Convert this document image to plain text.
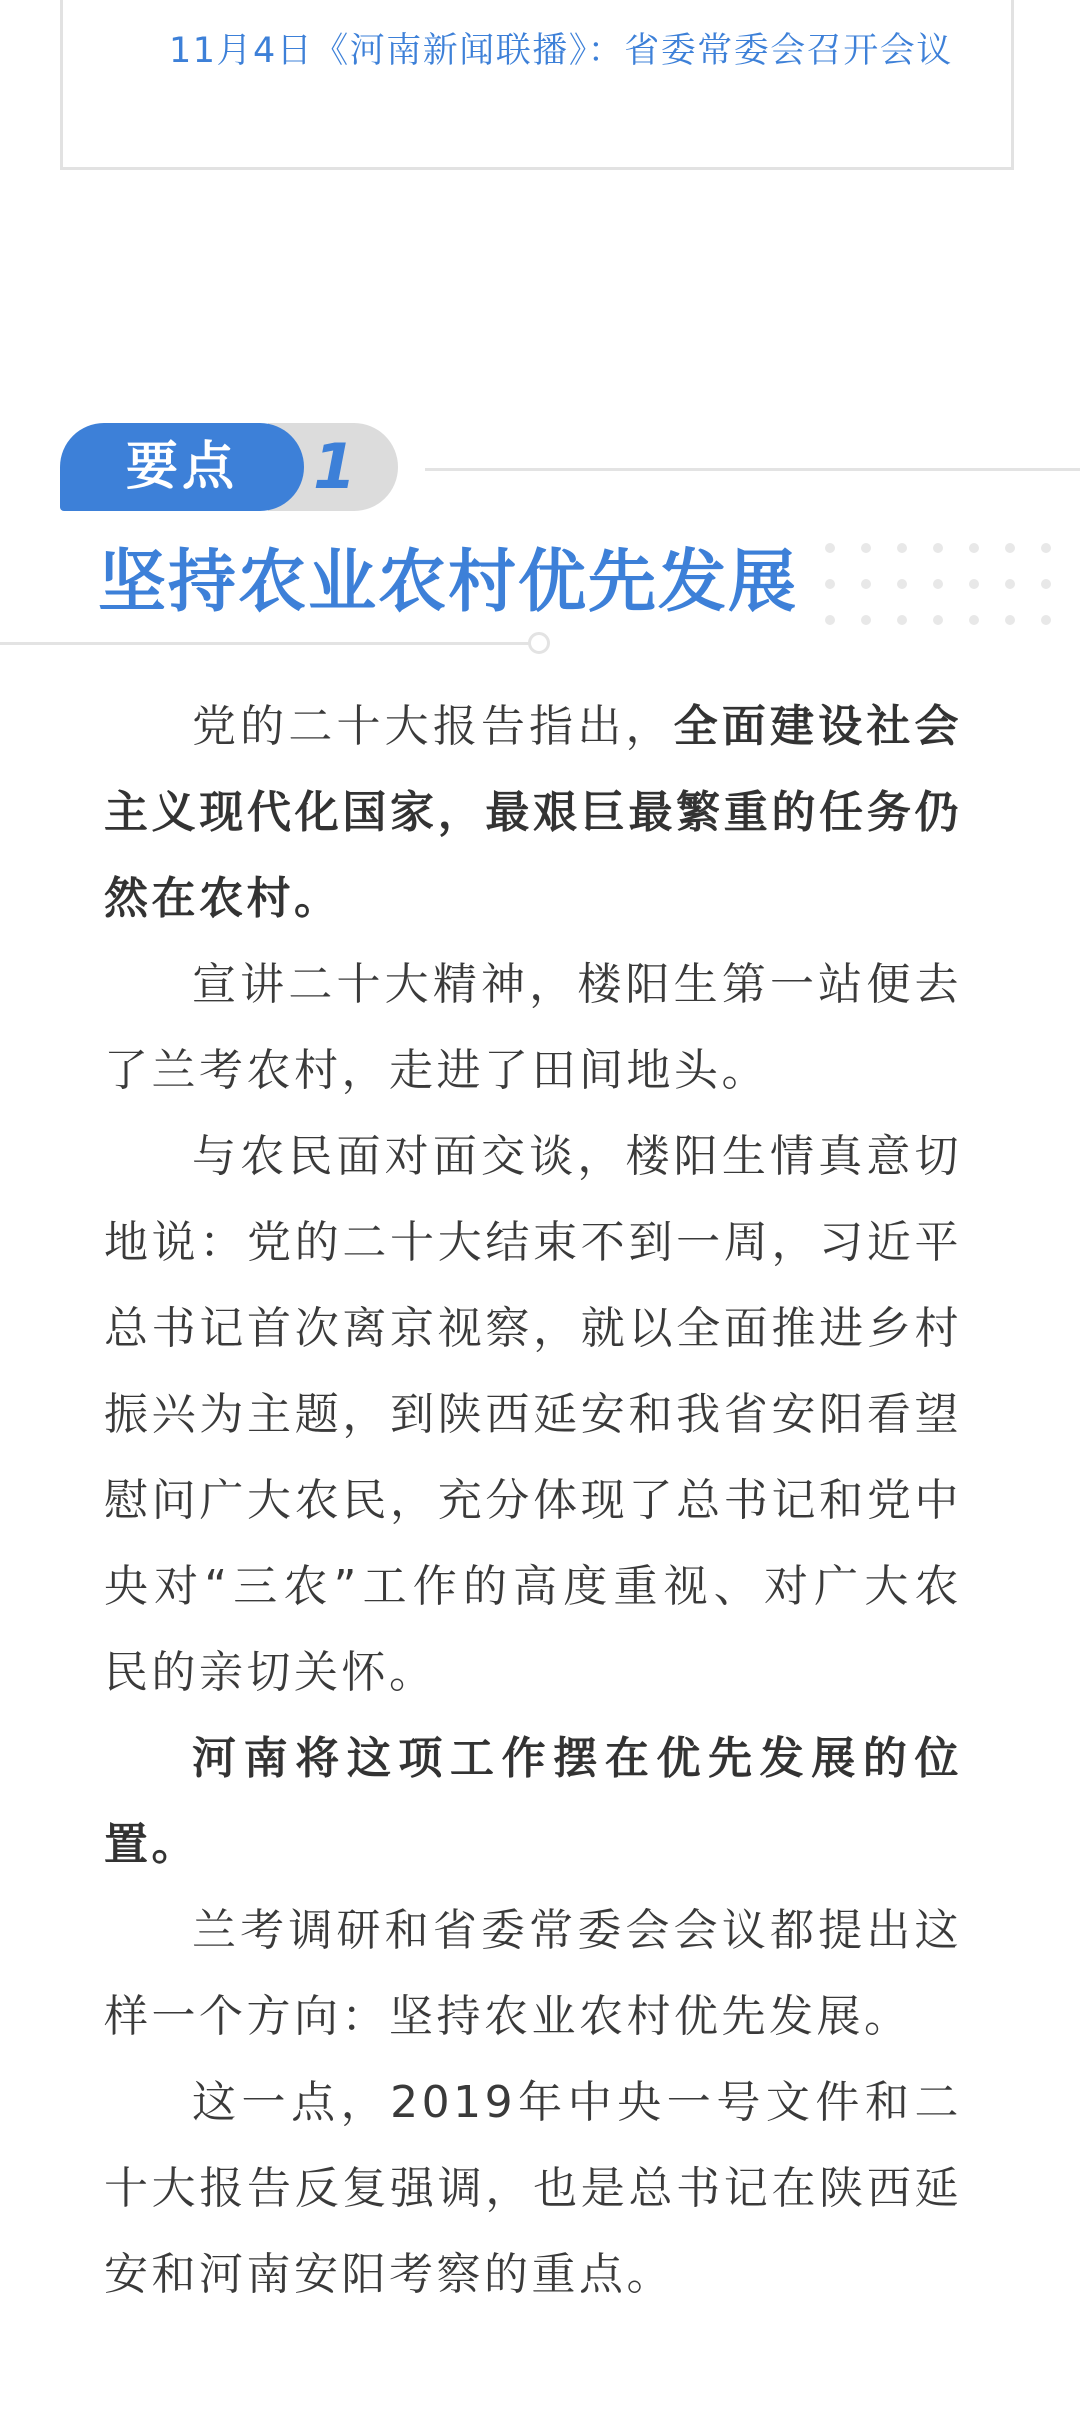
11月4日《河南新闻联播》：省委常委会召开会议

1

要点

坚持农业农村优先发展

党的二十大报告指出，全面建设社会主义现代化国家，最艰巨最繁重的任务仍然在农村。

宣讲二十大精神，楼阳生第一站便去了兰考农村，走进了田间地头。

与农民面对面交谈，楼阳生情真意切地说：党的二十大结束不到一周，习近平总书记首次离京视察，就以全面推进乡村振兴为主题，到陕西延安和我省安阳看望慰问广大农民，充分体现了总书记和党中央对“三农”工作的高度重视、对广大农民的亲切关怀。

河南将这项工作摆在优先发展的位置。

兰考调研和省委常委会会议都提出这样一个方向：坚持农业农村优先发展。

这一点，2019年中央一号文件和二十大报告反复强调，也是总书记在陕西延安和河南安阳考察的重点。
